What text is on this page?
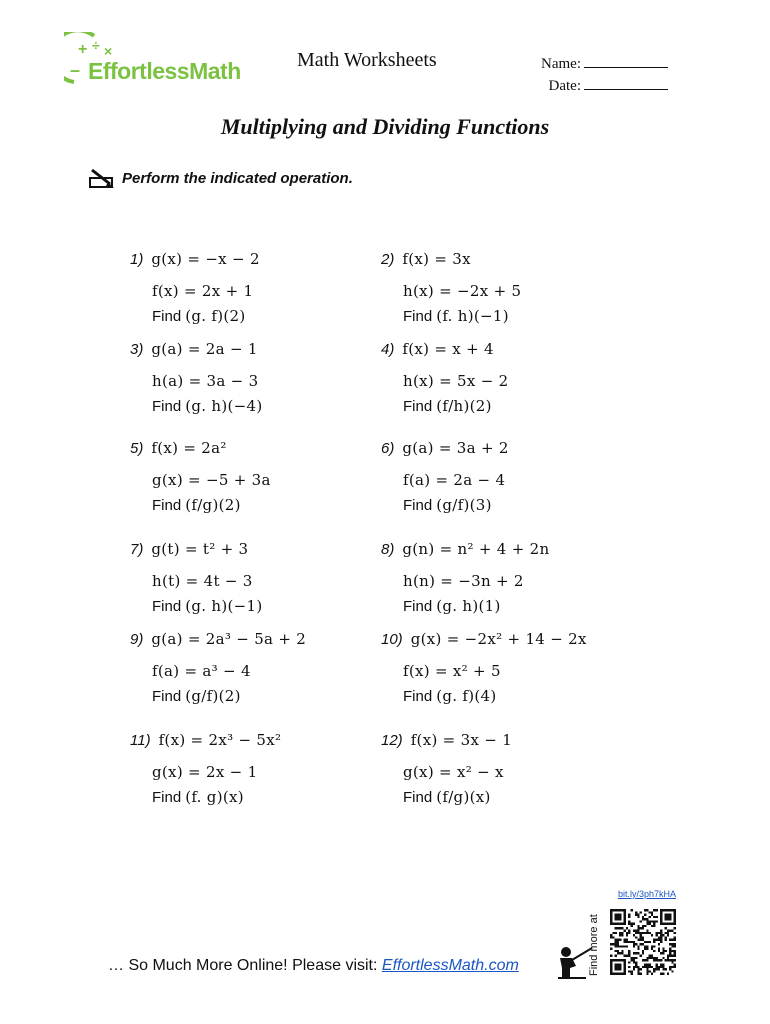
+ ÷ ×
– EffortlessMath	Math Worksheets	Name:
Date:
Multiplying and Dividing Functions
Perform the indicated operation.
1) g(x) = −x − 2
f(x) = 2x + 1
Find (g. f)(2)
2) f(x) = 3x
h(x) = −2x + 5
Find (f. h)(−1)
3) g(a) = 2a − 1
h(a) = 3a − 3
Find (g. h)(−4)
4) f(x) = x + 4
h(x) = 5x − 2
Find (f/h)(2)
5) f(x) = 2a²
g(x) = −5 + 3a
Find (f/g)(2)
6) g(a) = 3a + 2
f(a) = 2a − 4
Find (g/f)(3)
7) g(t) = t² + 3
h(t) = 4t − 3
Find (g. h)(−1)
8) g(n) = n² + 4 + 2n
h(n) = −3n + 2
Find (g. h)(1)
9) g(a) = 2a³ − 5a + 2
f(a) = a³ − 4
Find (g/f)(2)
10) g(x) = −2x² + 14 − 2x
f(x) = x² + 5
Find (g. f)(4)
11) f(x) = 2x³ − 5x²
g(x) = 2x − 1
Find (f. g)(x)
12) f(x) = 3x − 1
g(x) = x² − x
Find (f/g)(x)
… So Much More Online! Please visit: EffortlessMath.com	Find more at
bit.ly/3ph7kHA
